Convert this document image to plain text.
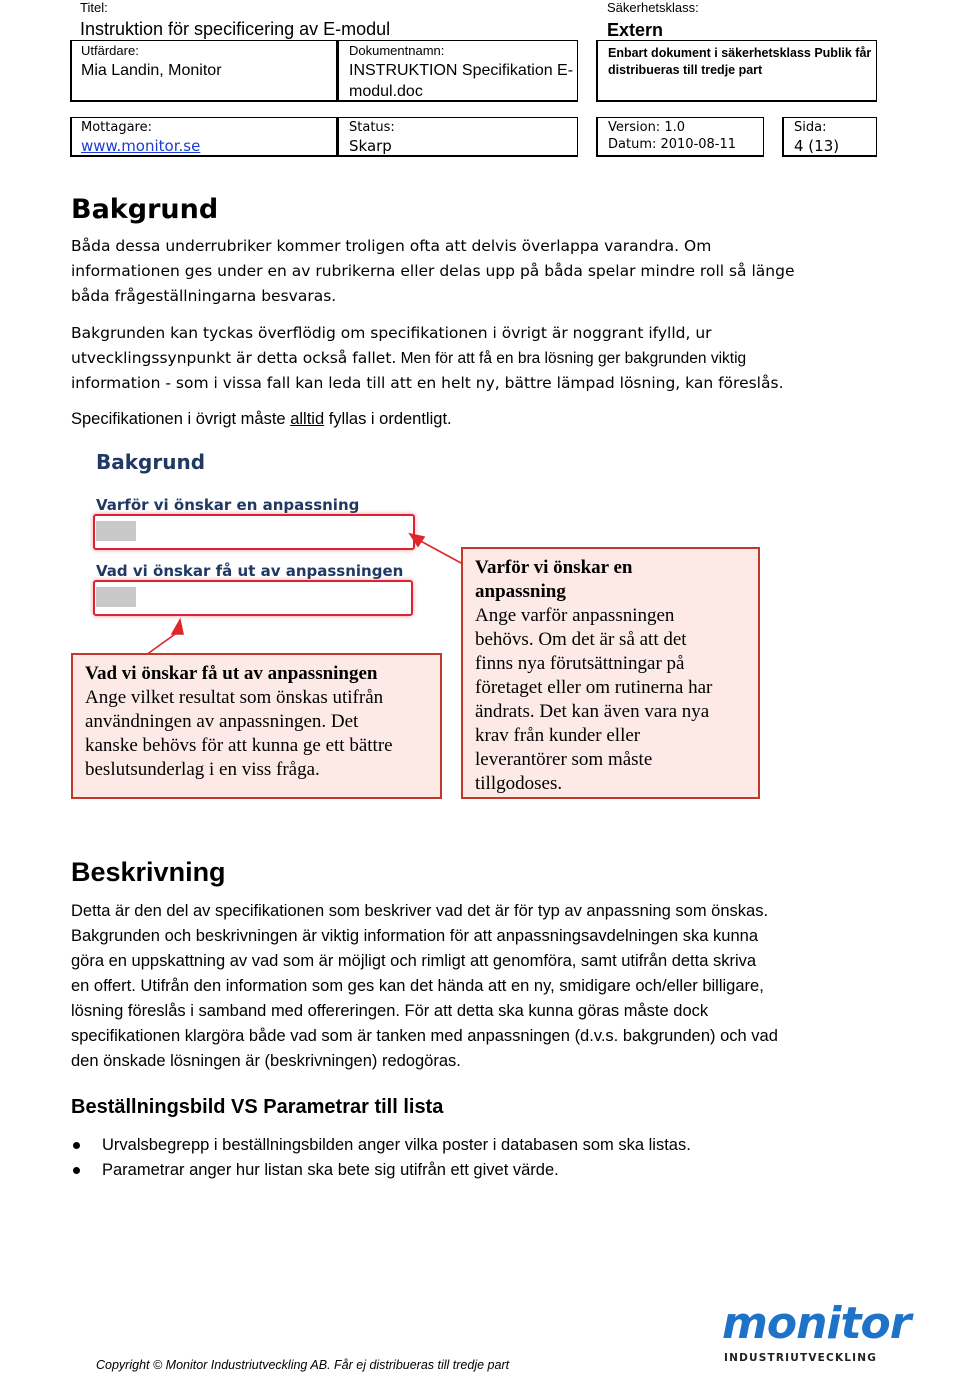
Titel:
Instruktion för specificering av E-modul
Säkerhetsklass:
Extern
Utfärdare:
Mia Landin, Monitor
Dokumentnamn:
INSTRUKTION Specifikation E-
modul.doc
Enbart dokument i säkerhetsklass Publik får
distribueras till tredje part
Mottagare:
www.monitor.se
Status:
Skarp
Version: 1.0
Datum: 2010-08-11
Sida:
4 (13)
Bakgrund

Båda dessa underrubriker kommer troligen ofta att delvis överlappa varandra. Om
informationen ges under en av rubrikerna eller delas upp på båda spelar mindre roll så länge
båda frågeställningarna besvaras.

Bakgrunden kan tyckas överflödig om specifikationen i övrigt är noggrant ifylld, ur
utvecklingssynpunkt är detta också fallet. Men för att få en bra lösning ger bakgrunden viktig
information - som i vissa fall kan leda till att en helt ny, bättre lämpad lösning, kan föreslås.

Specifikationen i övrigt måste alltid fyllas i ordentligt.

Bakgrund
Varför vi önskar en anpassning
Vad vi önskar få ut av anpassningen
Vad vi önskar få ut av anpassningen
Ange vilket resultat som önskas utifrån
användningen av anpassningen. Det
kanske behövs för att kunna ge ett bättre
beslutsunderlag i en viss fråga.
Varför vi önskar en
anpassning
Ange varför anpassningen
behövs. Om det är så att det
finns nya förutsättningar på
företaget eller om rutinerna har
ändrats. Det kan även vara nya
krav från kunder eller
leverantörer som måste
tillgodoses.
Beskrivning

Detta är den del av specifikationen som beskriver vad det är för typ av anpassning som önskas.
Bakgrunden och beskrivningen är viktig information för att anpassningsavdelningen ska kunna
göra en uppskattning av vad som är möjligt och rimligt att genomföra, samt utifrån detta skriva
en offert. Utifrån den information som ges kan det hända att en ny, smidigare och/eller billigare,
lösning föreslås i samband med offereringen. För att detta ska kunna göras måste dock
specifikationen klargöra både vad som är tanken med anpassningen (d.v.s. bakgrunden) och vad
den önskade lösningen är (beskrivningen) redogöras.

Beställningsbild VS Parametrar till lista
Urvalsbegrepp i beställningsbilden anger vilka poster i databasen som ska listas.
Parametrar anger hur listan ska bete sig utifrån ett givet värde.
Copyright © Monitor Industriutveckling AB. Får ej distribueras till tredje part
monitor
INDUSTRIUTVECKLING
